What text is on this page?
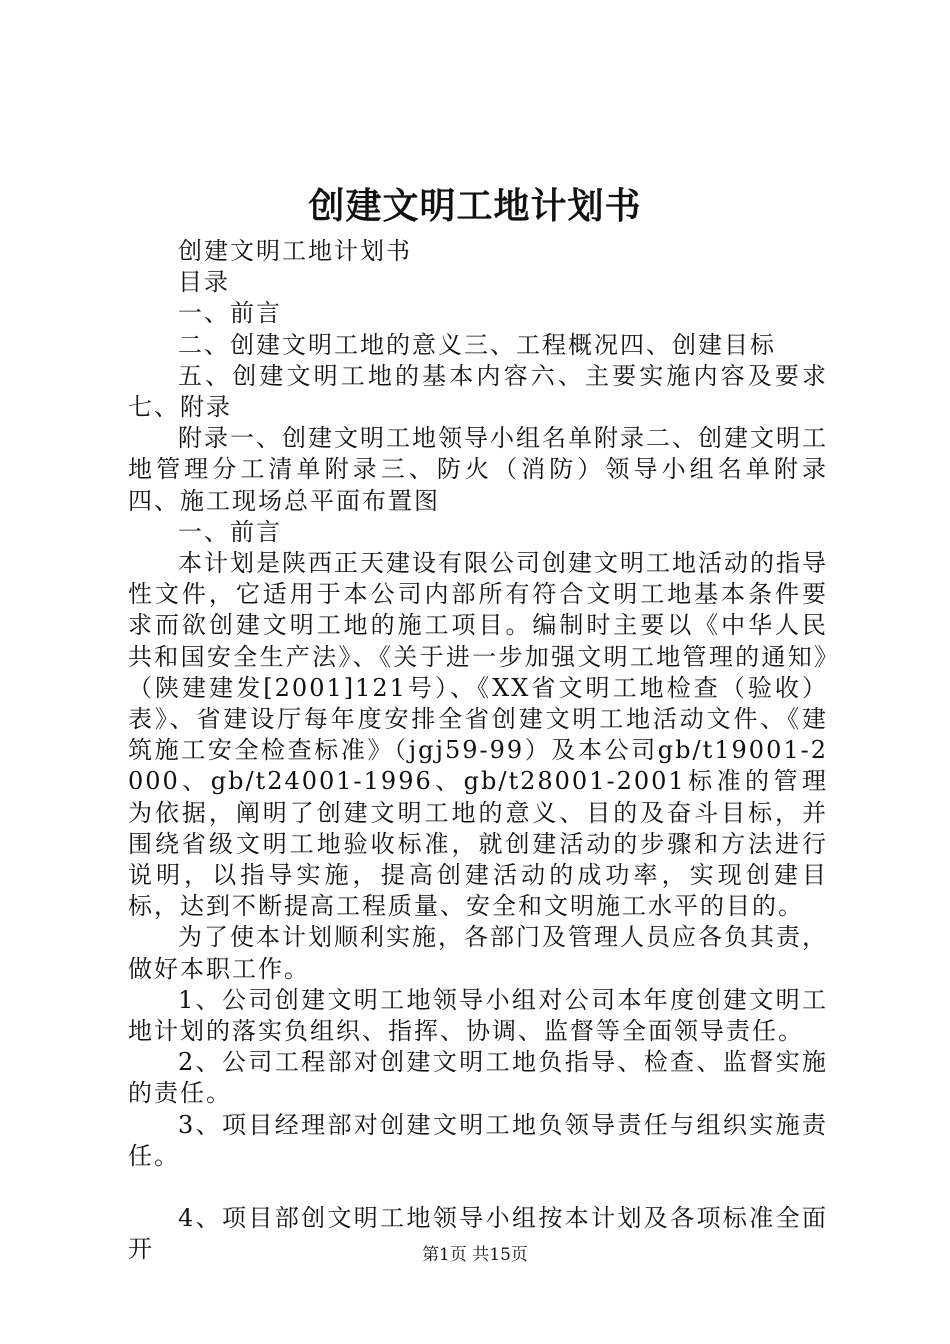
创建文明工地计划书

创建文明工地计划书

目录

一、前言

二、创建文明工地的意义三、工程概况四、创建目标

五、创建文明工地的基本内容六、主要实施内容及要求七、附录

附录一、创建文明工地领导小组名单附录二、创建文明工地管理分工清单附录三、防火（消防）领导小组名单附录四、施工现场总平面布置图

一、前言

本计划是陕西正天建设有限公司创建文明工地活动的指导性文件，它适用于本公司内部所有符合文明工地基本条件要求而欲创建文明工地的施工项目。编制时主要以《中华人民共和国安全生产法》、《关于进一步加强文明工地管理的通知》（陕建建发[2001]121号）、《XX省文明工地检查（验收）表》、省建设厅每年度安排全省创建文明工地活动文件、《建筑施工安全检查标准》（jgj59-99）及本公司gb/t19001-2000、gb/t24001-1996、gb/t28001-2001标准的管理为依据，阐明了创建文明工地的意义、目的及奋斗目标，并围绕省级文明工地验收标准，就创建活动的步骤和方法进行说明，以指导实施，提高创建活动的成功率，实现创建目标，达到不断提高工程质量、安全和文明施工水平的目的。

为了使本计划顺利实施，各部门及管理人员应各负其责，做好本职工作。

1、公司创建文明工地领导小组对公司本年度创建文明工地计划的落实负组织、指挥、协调、监督等全面领导责任。

2、公司工程部对创建文明工地负指导、检查、监督实施的责任。

3、项目经理部对创建文明工地负领导责任与组织实施责任。

4、项目部创文明工地领导小组按本计划及各项标准全面开	第1页 共15页
